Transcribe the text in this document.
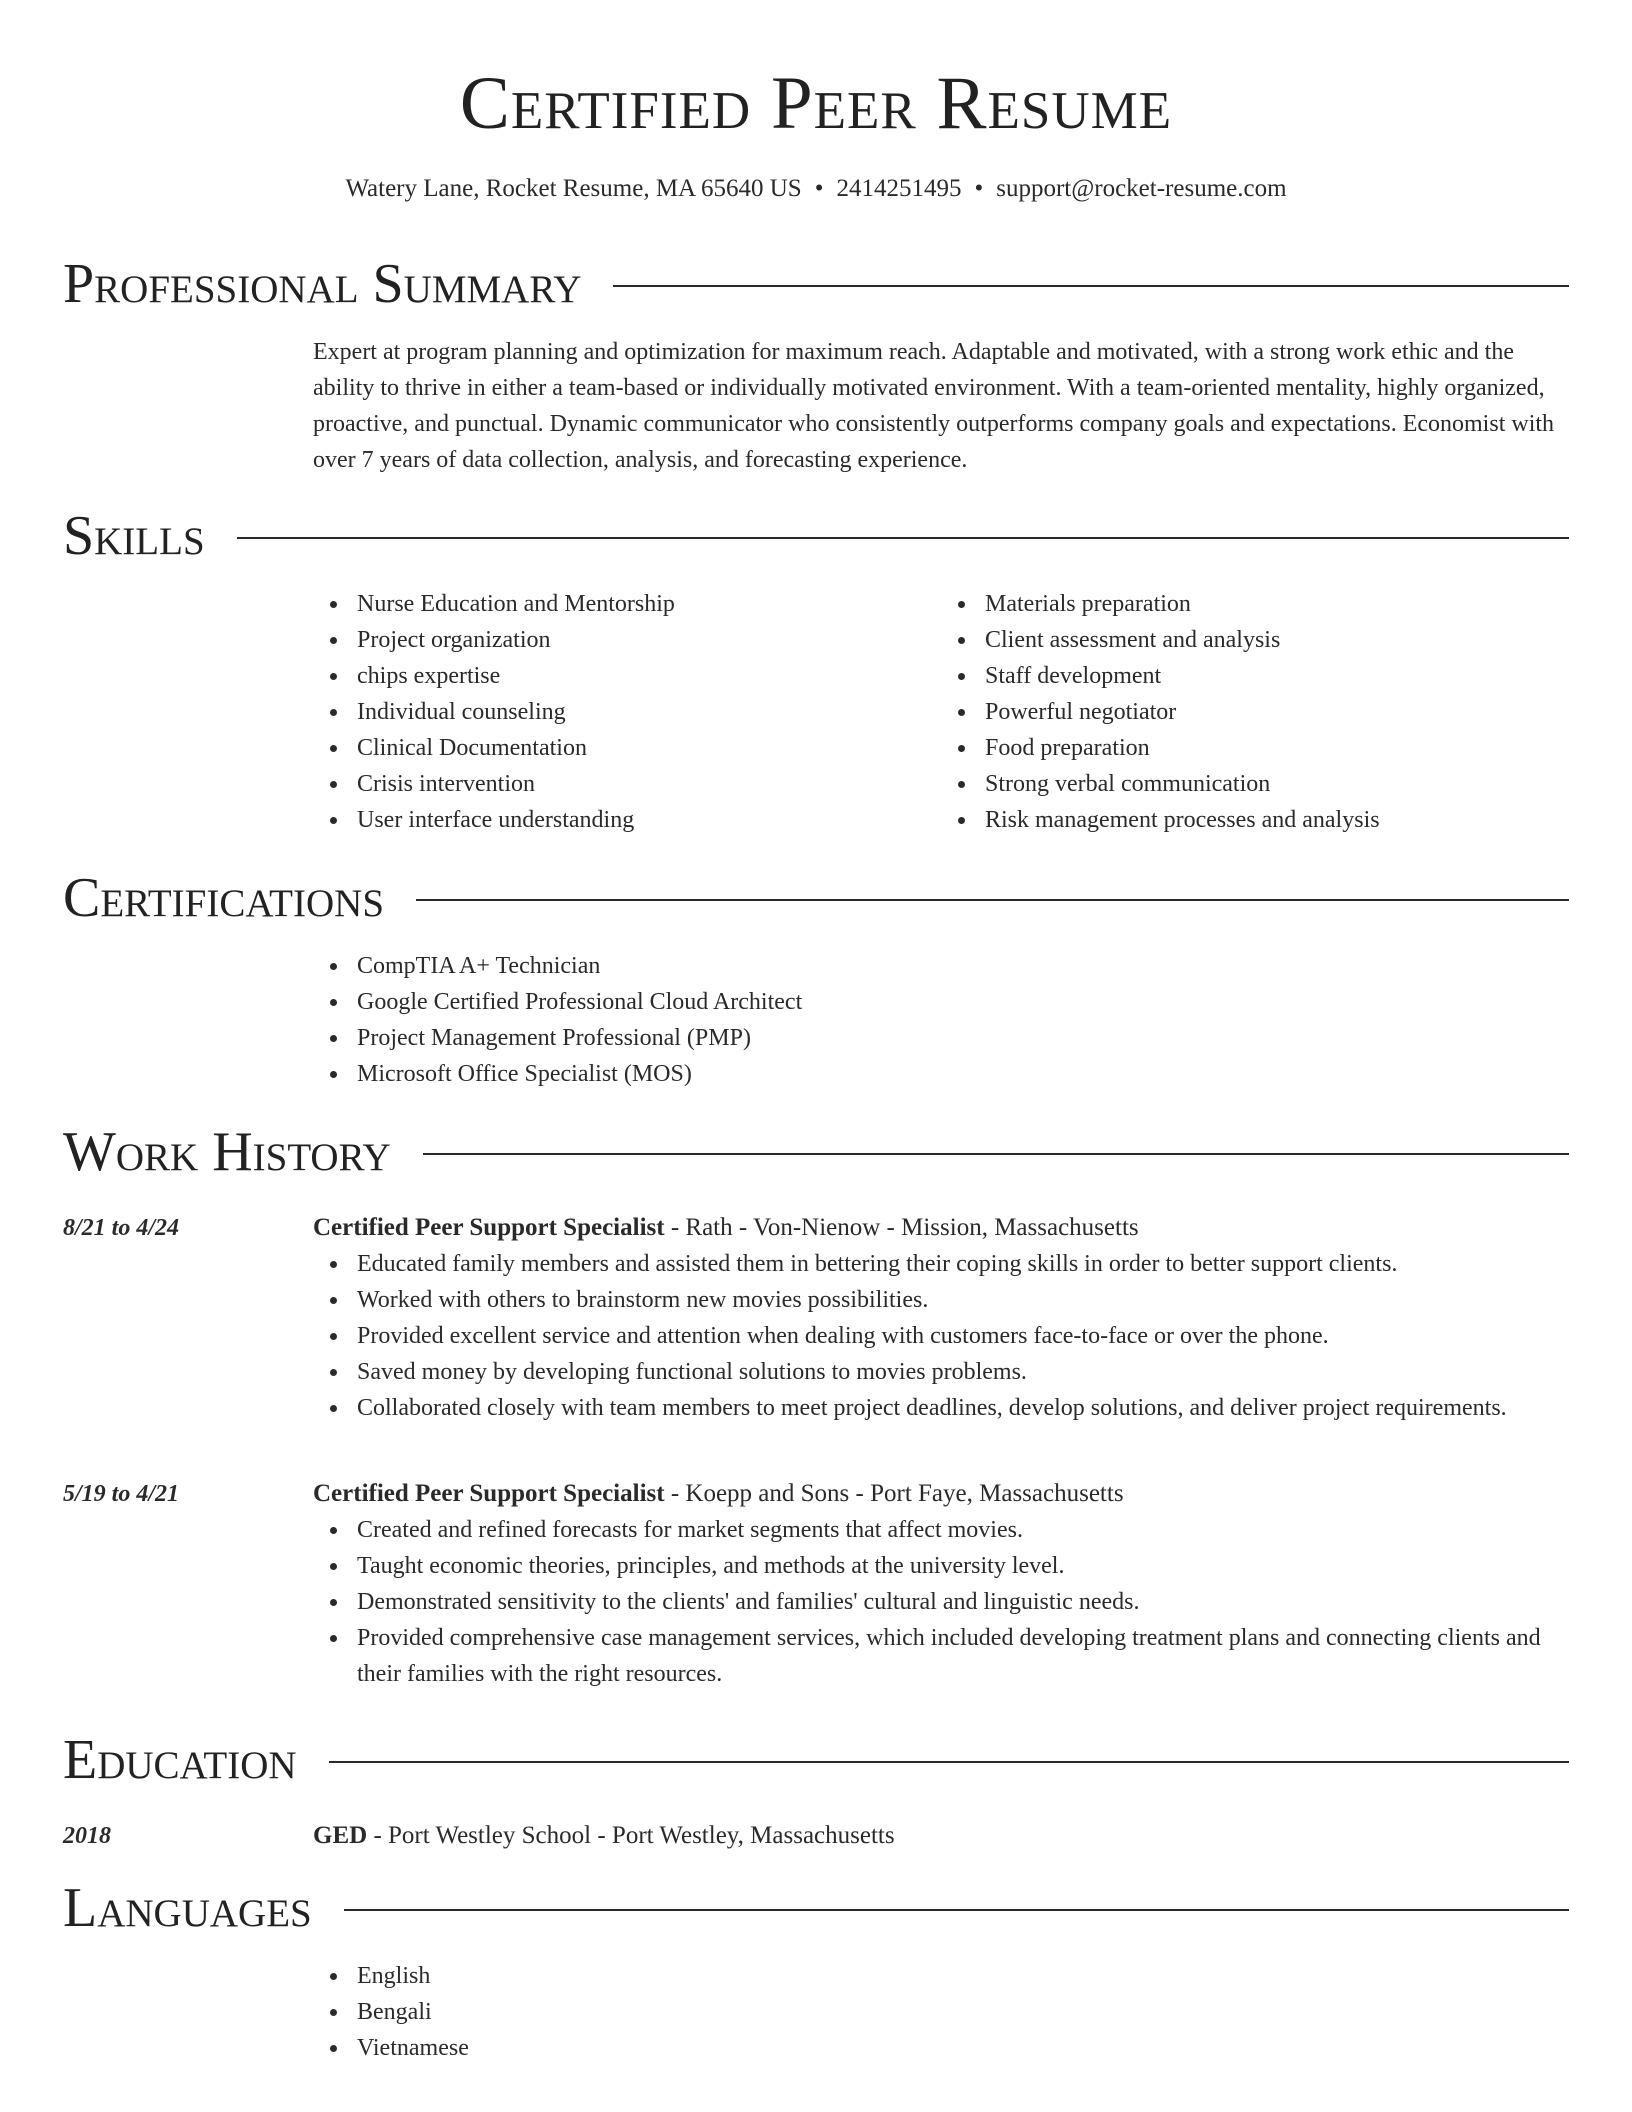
Certified Peer Resume
Watery Lane, Rocket Resume, MA 65640 US • 2414251495 • support@rocket-resume.com
Professional Summary

Expert at program planning and optimization for maximum reach. Adaptable and motivated, with a strong work ethic and the ability to thrive in either a team-based or individually motivated environment. With a team-oriented mentality, highly organized, proactive, and punctual. Dynamic communicator who consistently outperforms company goals and expectations. Economist with over 7 years of data collection, analysis, and forecasting experience.

Skills
Nurse Education and Mentorship
Project organization
chips expertise
Individual counseling
Clinical Documentation
Crisis intervention
User interface understanding
Materials preparation
Client assessment and analysis
Staff development
Powerful negotiator
Food preparation
Strong verbal communication
Risk management processes and analysis
Certifications
CompTIA A+ Technician
Google Certified Professional Cloud Architect
Project Management Professional (PMP)
Microsoft Office Specialist (MOS)
Work History
8/21 to 4/24	Certified Peer Support Specialist - Rath - Von-Nienow - Mission, Massachusetts
Educated family members and assisted them in bettering their coping skills in order to better support clients.
Worked with others to brainstorm new movies possibilities.
Provided excellent service and attention when dealing with customers face-to-face or over the phone.
Saved money by developing functional solutions to movies problems.
Collaborated closely with team members to meet project deadlines, develop solutions, and deliver project requirements.
5/19 to 4/21	Certified Peer Support Specialist - Koepp and Sons - Port Faye, Massachusetts
Created and refined forecasts for market segments that affect movies.
Taught economic theories, principles, and methods at the university level.
Demonstrated sensitivity to the clients' and families' cultural and linguistic needs.
Provided comprehensive case management services, which included developing treatment plans and connecting clients and their families with the right resources.
Education
2018	GED - Port Westley School - Port Westley, Massachusetts
Languages
English
Bengali
Vietnamese
